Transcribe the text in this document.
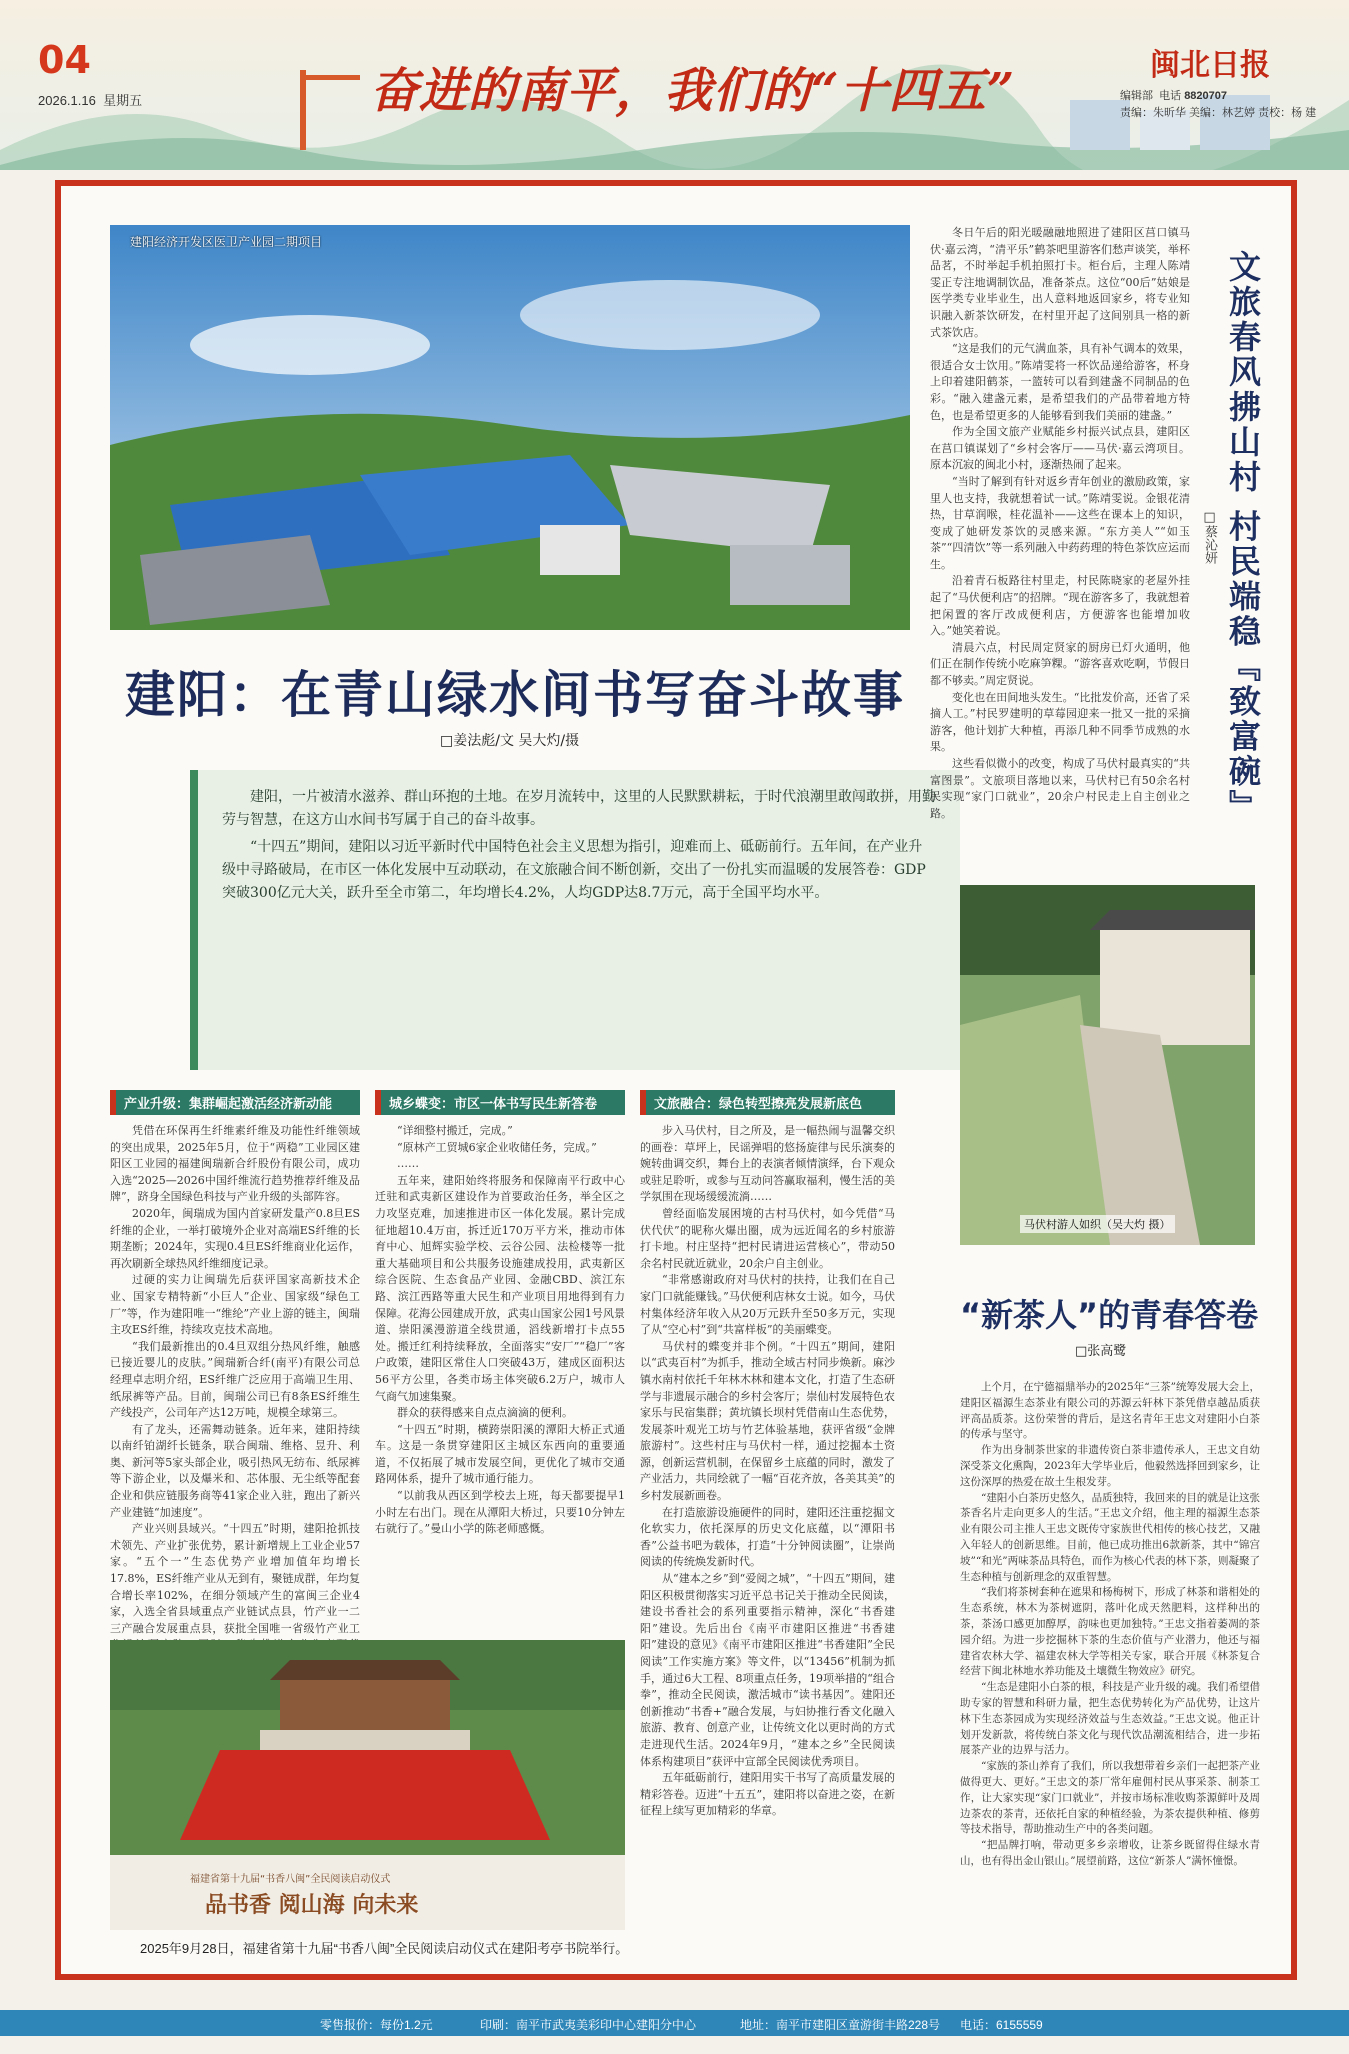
04
2026.1.16 星期五	奋进的南平，我们的“十四五”	闽北日报
编辑部 电话 8820707
责编：朱昕华 美编：林艺婷 责校：杨 建
建阳经济开发区医卫产业园二期项目
建阳：在青山绿水间书写奋斗故事
□姜法彪/文 吴大灼/摄

建阳，一片被清水滋养、群山环抱的土地。在岁月流转中，这里的人民默默耕耘，于时代浪潮里敢闯敢拼，用勤劳与智慧，在这方山水间书写属于自己的奋斗故事。

“十四五”期间，建阳以习近平新时代中国特色社会主义思想为指引，迎难而上、砥砺前行。五年间，在产业升级中寻路破局，在市区一体化发展中互动联动，在文旅融合间不断创新，交出了一份扎实而温暖的发展答卷：GDP突破300亿元大关，跃升至全市第二，年均增长4.2%，人均GDP达8.7万元，高于全国平均水平。

产业升级：集群崛起激活经济新动能

凭借在环保再生纤维素纤维及功能性纤维领域的突出成果，2025年5月，位于“两稳”工业园区建阳区工业园的福建闽瑞新合纤股份有限公司，成功入选“2025—2026中国纤维流行趋势推荐纤维及品牌”，跻身全国绿色科技与产业升级的头部阵容。

2020年，闽瑞成为国内首家研发量产0.8旦ES纤维的企业，一举打破境外企业对高端ES纤维的长期垄断；2024年，实现0.4旦ES纤维商业化运作，再次刷新全球热风纤维细度记录。

过硬的实力让闽瑞先后获评国家高新技术企业、国家专精特新“小巨人”企业、国家级“绿色工厂”等，作为建阳唯一“维纶”产业上游的链主，闽瑞主攻ES纤维，持续攻克技术高地。

“我们最新推出的0.4旦双组分热风纤维，触感已接近婴儿的皮肤。”闽瑞新合纤(南平)有限公司总经理卓志明介绍，ES纤维广泛应用于高端卫生用、纸尿裤等产品。目前，闽瑞公司已有8条ES纤维生产线投产，公司年产达12万吨，规模全球第三。

有了龙头，还需舞动链条。近年来，建阳持续以南纤铂湖纤长链条，联合闽瑞、维格、昱升、利奥、新河等5家头部企业，吸引热风无纺布、纸尿裤等下游企业，以及爆米和、芯体服、无尘纸等配套企业和供应链服务商等41家企业入驻，跑出了新兴产业建链“加速度”。

产业兴则县域兴。“十四五”时期，建阳抢抓技术领先、产业扩张优势，累计新增规上工业企业57家。“五个一”生态优势产业增加值年均增长17.8%，ES纤维产业从无到有，聚链成群，年均复合增长率102%，在细分领域产生的富闽三企业4家，入选全省县域重点产业链试点县，竹产业一二三产融合发展重点县，获批全国唯一省级竹产业工

城乡蝶变：市区一体书写民生新答卷

“详细整村搬迁，完成。”

“原林产工贸城6家企业收储任务，完成。”

……

五年来，建阳始终将服务和保障南平行政中心迁驻和武夷新区建设作为首要政治任务，举全区之力攻坚克难，加速推进市区一体化发展。累计完成征地超10.4万亩，拆迁近170万平方米，推动市体育中心、旭辉实验学校、云谷公园、法检楼等一批重大基础项目和公共服务设施建成投用，武夷新区综合医院、生态食品产业园、金融CBD、滨江东路、滨江西路等重大民生和产业项目用地得到有力保障。花海公园建成开放，武夷山国家公园1号风景道、崇阳溪漫游道全线贯通，滔线新增打卡点55处。搬迁红利持续释放，全面落实“安厂”“稳厂”客户政策，建阳区常住人口突破43万，建成区面积达56平方公里，各类市场主体突破6.2万户，城市人气商气加速集聚。

群众的获得感来自点点滴滴的便利。

“十四五”时期，横跨崇阳溪的潭阳大桥正式通车。这是一条贯穿建阳区主城区东西向的重要通道，不仅拓展了城市发展空间，更优化了城市交通路网体系，提升了城市通行能力。

“以前我从西区到学校去上班，每天都要提早1小时左右出门。现在从潭阳大桥过，只要10分钟左右就行了。”曼山小学的陈老师感慨。

文旅融合：绿色转型擦亮发展新底色

步入马伏村，目之所及，是一幅热闹与温馨交织的画卷：草坪上，民谣弹唱的悠扬旋律与民乐演奏的婉转曲调交织，舞台上的表演者倾情演绎，台下观众或驻足聆听，或参与互动问答赢取福利，慢生活的美学氛围在现场缓缓流淌……

曾经面临发展困境的古村马伏村，如今凭借“马伏代伏”的昵称火爆出圈，成为远近闻名的乡村旅游打卡地。村庄坚持“把村民请进运营核心”，带动50余名村民就近就业，20余户自主创业。

“非常感谢政府对马伏村的扶持，让我们在自己家门口就能赚钱。”马伏便利店林女士说。如今，马伏村集体经济年收入从20万元跃升至50多万元，实现了从“空心村”到“共富样板”的美丽蝶变。

马伏村的蝶变并非个例。“十四五”期间，建阳以“武夷百村”为抓手，推动全域古村同步焕新。麻沙镇水南村依托千年林木林和建本文化，打造了生态研学与非遗展示融合的乡村会客厅；崇仙村发展特色农家乐与民宿集群；黄坑镇长坝村凭借南山生态优势，发展茶叶观光工坊与竹艺体验基地，获评省级“金牌旅游村”。这些村庄与马伏村一样，通过挖掘本土资源，创新运营机制，在保留乡土底蕴的同时，激发了产业活力，共同绘就了一幅“百花齐放，各美其美”的乡村发展新画卷。

在打造旅游设施硬件的同时，建阳还注重挖掘文化软实力，依托深厚的历史文化底蕴，以“潭阳书香”公益书吧为载体，打造“十分钟阅读圈”，让崇尚阅读的传统焕发新时代。

从“建本之乡”到“爱阅之城”，“十四五”期间，建阳区积极贯彻落实习近平总书记关于推动全民阅读，建设书香社会的系列重要指示精神，深化“书香建阳”建设。先后出台《南平市建阳区推进“书香建阳”建设的意见》《南平市建阳区推进“书香建阳”全民阅读”工作实施方案》等文件，以“13456”机制为抓手，通过6大工程、8项重点任务，19项举措的“组合拳”，推动全民阅读，激活城市“读书基因”。建阳还创新推动“书香+”融合发展，与妇协推行香文化融入旅游、教育、创意产业，让传统文化以更时尚的方式走进现代生活。2024年9月，“建本之乡”全民阅读体系构建项目”获评中宣部全民阅读优秀项目。

五年砥砺前行，建阳用实干书写了高质量发展的精彩答卷。迈进“十五五”，建阳将以奋进之姿，在新征程上续写更加精彩的华章。

福建省第十九届“书香八闽”全民阅读启动仪式
品书香 阅山海 向未来
2025年9月28日，福建省第十九届“书香八闽”全民阅读启动仪式在建阳考亭书院举行。

冬日午后的阳光暖融融地照进了建阳区莒口镇马伏·嘉云湾，“清平乐”鹤茶吧里游客们愁声谈笑，举杯品茗，不时举起手机拍照打卡。柜台后，主理人陈靖雯正专注地调制饮品，准备茶点。这位“00后”姑娘是医学类专业毕业生，出人意料地返回家乡，将专业知识融入新茶饮研发，在村里开起了这间别具一格的新式茶饮店。

“这是我们的元气满血茶，具有补气调本的效果，很适合女士饮用。”陈靖雯将一杯饮品递给游客，杯身上印着建阳鹤茶，一篮转可以看到建盏不同制品的色彩。“融入建盏元素，是希望我们的产品带着地方特色，也是希望更多的人能够看到我们美丽的建盏。”

作为全国文旅产业赋能乡村振兴试点县，建阳区在莒口镇谋划了“乡村会客厅——马伏·嘉云湾项目。原本沉寂的闽北小村，逐渐热闹了起来。

“当时了解到有针对返乡青年创业的激励政策，家里人也支持，我就想着试一试。”陈靖雯说。金银花清热，甘草润喉，桂花温补——这些在课本上的知识，变成了她研发茶饮的灵感来源。“东方美人”“如玉茶”“四清饮”等一系列融入中药药理的特色茶饮应运而生。

沿着青石板路往村里走，村民陈晓家的老屋外挂起了“马伏便利店”的招牌。“现在游客多了，我就想着把闲置的客厅改成便利店，方便游客也能增加收入。”她笑着说。

清晨六点，村民周定贤家的厨房已灯火通明，他们正在制作传统小吃麻笋粿。“游客喜欢吃啊，节假日都不够卖。”周定贤说。

变化也在田间地头发生。“比批发价高，还省了采摘人工。”村民罗建明的草莓园迎来一批又一批的采摘游客，他计划扩大种植，再添几种不同季节成熟的水果。

这些看似微小的改变，构成了马伏村最真实的“共富图景”。文旅项目落地以来，马伏村已有50余名村民实现“家门口就业”，20余户村民走上自主创业之路。	文旅春风拂山村 村民端稳『致富碗』
□蔡沁妍
马伏村游人如织（吴大灼 摄）
“新茶人”的青春答卷
□张高鹭

上个月，在宁德福鼎举办的2025年“三茶”统筹发展大会上，建阳区福源生态茶业有限公司的苏源云轩林下茶凭借卓越品质获评高品质茶。这份荣誉的背后，是这名青年王忠文对建阳小白茶的传承与坚守。

作为出身制茶世家的非遗传资白茶非遗传承人，王忠文自幼深受茶文化熏陶，2023年大学毕业后，他毅然选择回到家乡，让这份深厚的热爱在故土生根发芽。

“建阳小白茶历史悠久，品质独特，我回来的目的就是让这张茶香名片走向更多人的生活。”王忠文介绍，他主理的福源生态茶业有限公司主推人王忠文既传守家族世代相传的核心技艺，又融入年轻人的创新思维。目前，他已成功推出6款新茶，其中“锦宫坡”“和光”两味茶品具特色，而作为核心代表的林下茶，则凝聚了生态种植与创新理念的双重智慧。

“我们将茶树套种在遮果和杨梅树下，形成了林茶和谐相处的生态系统，林木为茶树遮阴，落叶化成天然肥料，这样种出的茶，茶汤口感更加醇厚，韵味也更加独特。”王忠文指着萎凋的茶园介绍。为进一步挖掘林下茶的生态价值与产业潜力，他还与福建省农林大学、福建农林大学等相关专家，联合开展《林茶复合经营下闽北林地水养功能及土壤微生物效应》研究。

“生态是建阳小白茶的根，科技是产业升级的魂。我们希望借助专家的智慧和科研力量，把生态优势转化为产品优势，让这片林下生态茶园成为实现经济效益与生态效益。”王忠文说。他正计划开发新款，将传统白茶文化与现代饮品潮流相结合，进一步拓展茶产业的边界与活力。

“家族的茶山养育了我们，所以我想带着乡亲们一起把茶产业做得更大、更好。”王忠文的茶厂常年雇佣村民从事采茶、制茶工作，让大家实现“家门口就业”，并按市场标准收购茶源鲜叶及周边茶农的茶青，还依托自家的种植经验，为茶农提供种植、修剪等技术指导，帮助推动生产中的各类问题。

“把品牌打响，带动更多乡亲增收，让茶乡既留得住绿水青山，也有得出金山银山。”展望前路，这位“新茶人”满怀憧憬。

零售报价：每份1.2元	印刷：南平市武夷美彩印中心建阳分中心	地址：南平市建阳区童游街丰路228号 电话：6155559
